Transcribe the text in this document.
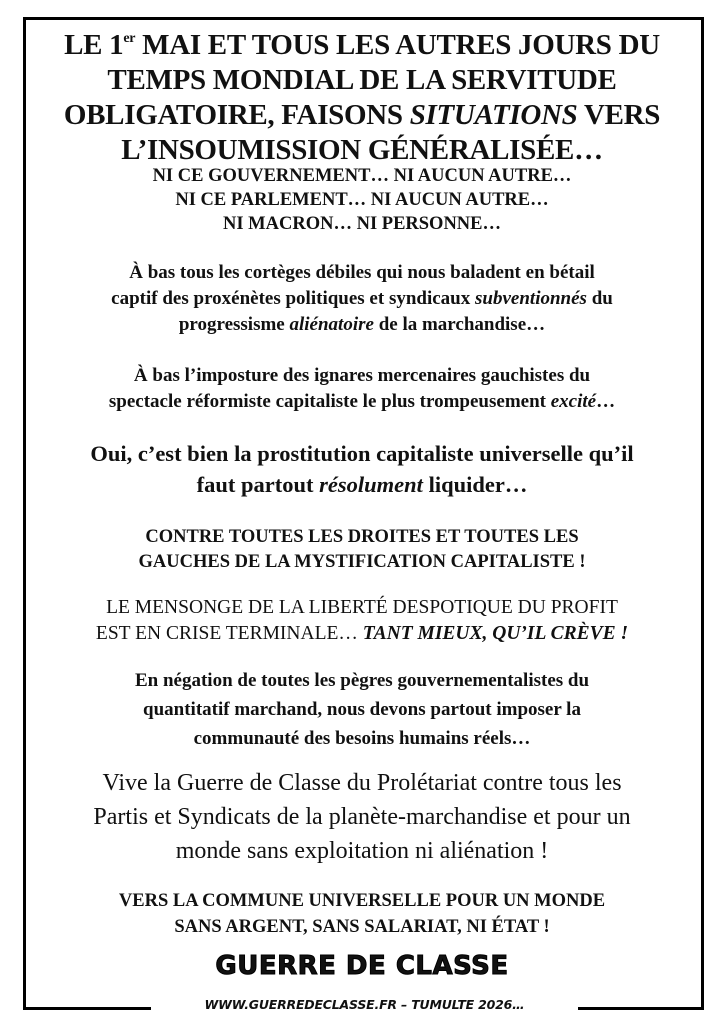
LE 1er MAI ET TOUS LES AUTRES JOURS DU
TEMPS MONDIAL DE LA SERVITUDE
OBLIGATOIRE, FAISONS SITUATIONS VERS
L’INSOUMISSION GÉNÉRALISÉE…
NI CE GOUVERNEMENT… NI AUCUN AUTRE…
NI CE PARLEMENT… NI AUCUN AUTRE…
NI MACRON… NI PERSONNE…
À bas tous les cortèges débiles qui nous baladent en bétail
captif des proxénètes politiques et syndicaux subventionnés du
progressisme aliénatoire de la marchandise…
À bas l’imposture des ignares mercenaires gauchistes du
spectacle réformiste capitaliste le plus trompeusement excité…
Oui, c’est bien la prostitution capitaliste universelle qu’il
faut partout résolument liquider…
CONTRE TOUTES LES DROITES ET TOUTES LES
GAUCHES DE LA MYSTIFICATION CAPITALISTE !
LE MENSONGE DE LA LIBERTÉ DESPOTIQUE DU PROFIT
EST EN CRISE TERMINALE… TANT MIEUX, QU’IL CRÈVE !
En négation de toutes les pègres gouvernementalistes du
quantitatif marchand, nous devons partout imposer la
communauté des besoins humains réels…
Vive la Guerre de Classe du Prolétariat contre tous les
Partis et Syndicats de la planète-marchandise et pour un
monde sans exploitation ni aliénation !
VERS LA COMMUNE UNIVERSELLE POUR UN MONDE
SANS ARGENT, SANS SALARIAT, NI ÉTAT !
GUERRE DE CLASSE
WWW.GUERREDECLASSE.FR – TUMULTE 2026…
